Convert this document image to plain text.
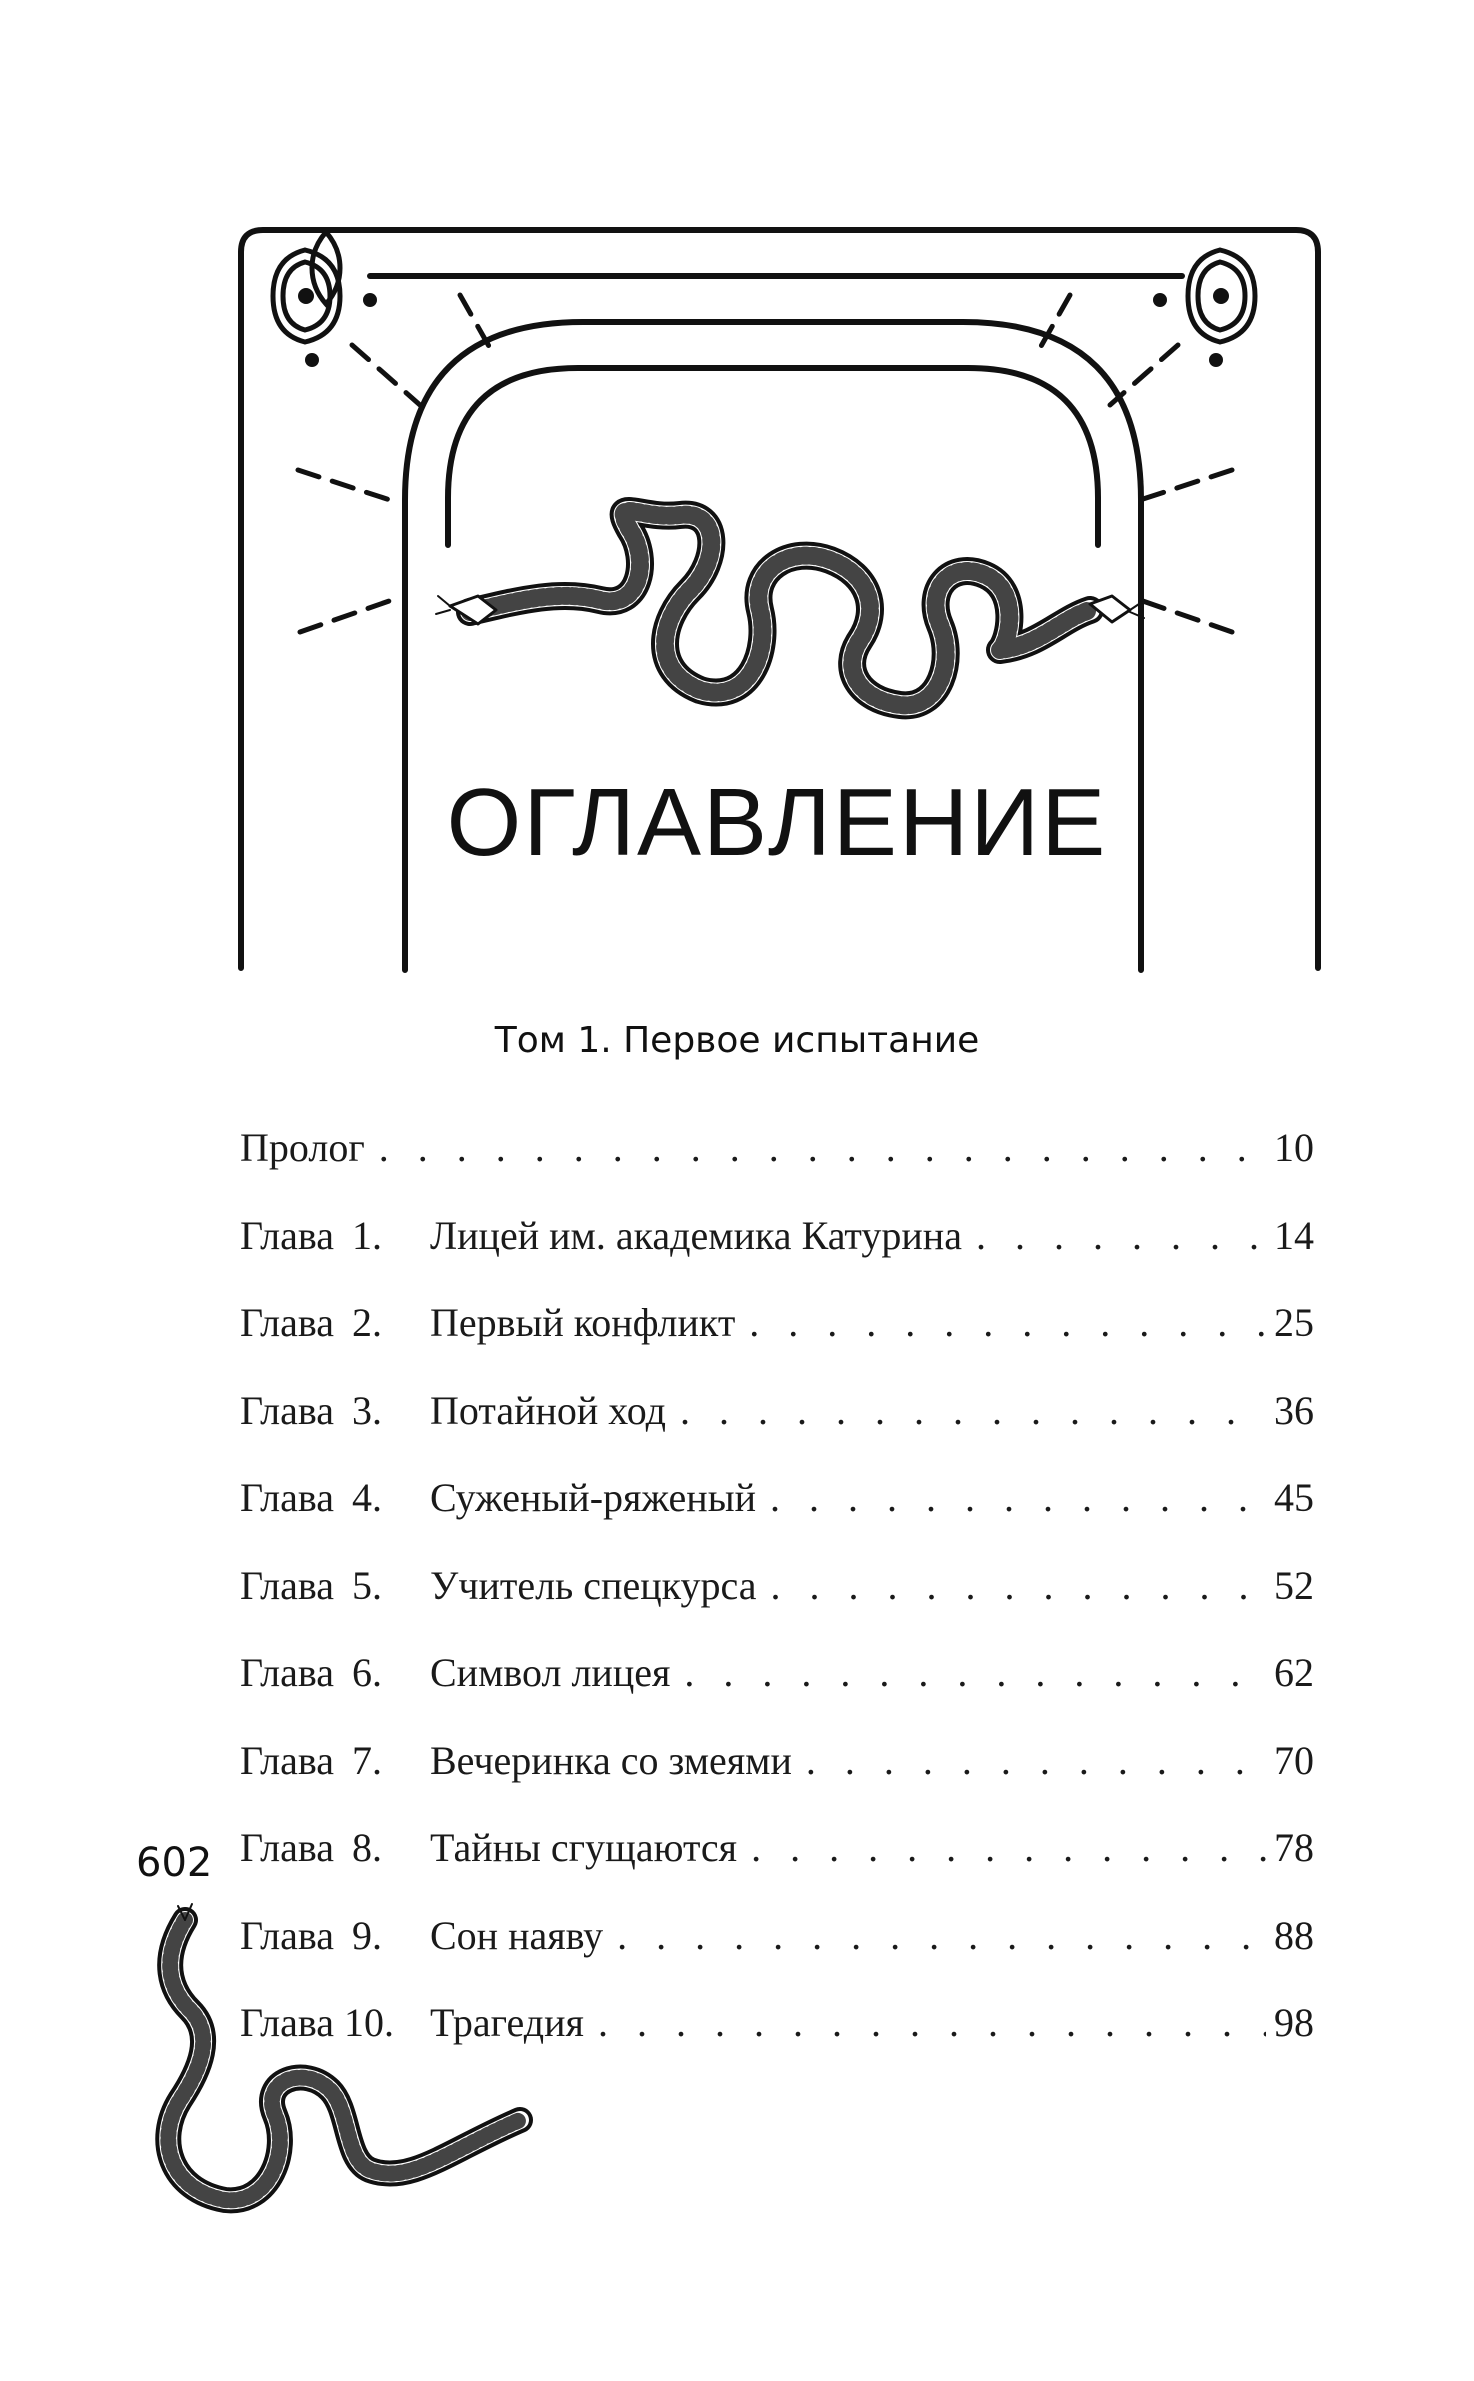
ОГЛАВЛЕНИЕ
Том 1. Первое испытание
Пролог . . .	10
Глава 1.	Лицей им. академика Катурина . . .	14
Глава 2.	Первый конфликт . . .	25
Глава 3.	Потайной ход . . .	36
Глава 4.	Суженый-ряженый . . .	45
Глава 5.	Учитель спецкурса . . .	52
Глава 6.	Символ лицея . . .	62
Глава 7.	Вечеринка со змеями . . .	70
Глава 8.	Тайны сгущаются . . .	78
Глава 9.	Сон наяву . . .	88
Глава 10. Трагедия . . .	98
602
